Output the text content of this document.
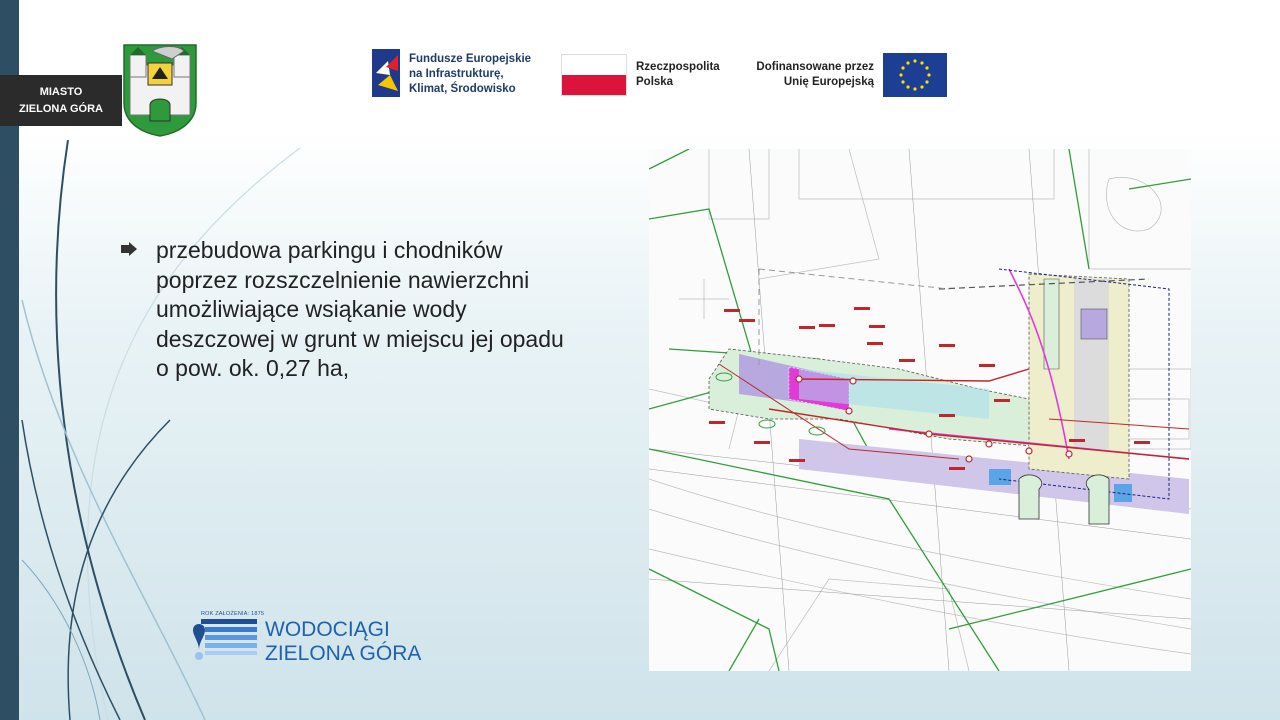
MIASTO
ZIELONA GÓRA
Fundusze Europejskie
na Infrastrukturę,
Klimat, Środowisko
Rzeczpospolita
Polska
Dofinansowane przez
Unię Europejską
przebudowa parkingu i chodników
poprzez rozszczelnienie nawierzchni
umożliwiające wsiąkanie wody
deszczowej w grunt w miejscu jej opadu
o pow. ok. 0,27 ha,
ROK ZAŁOŻENIA: 1875
WODOCIĄGI
ZIELONA GÓRA
